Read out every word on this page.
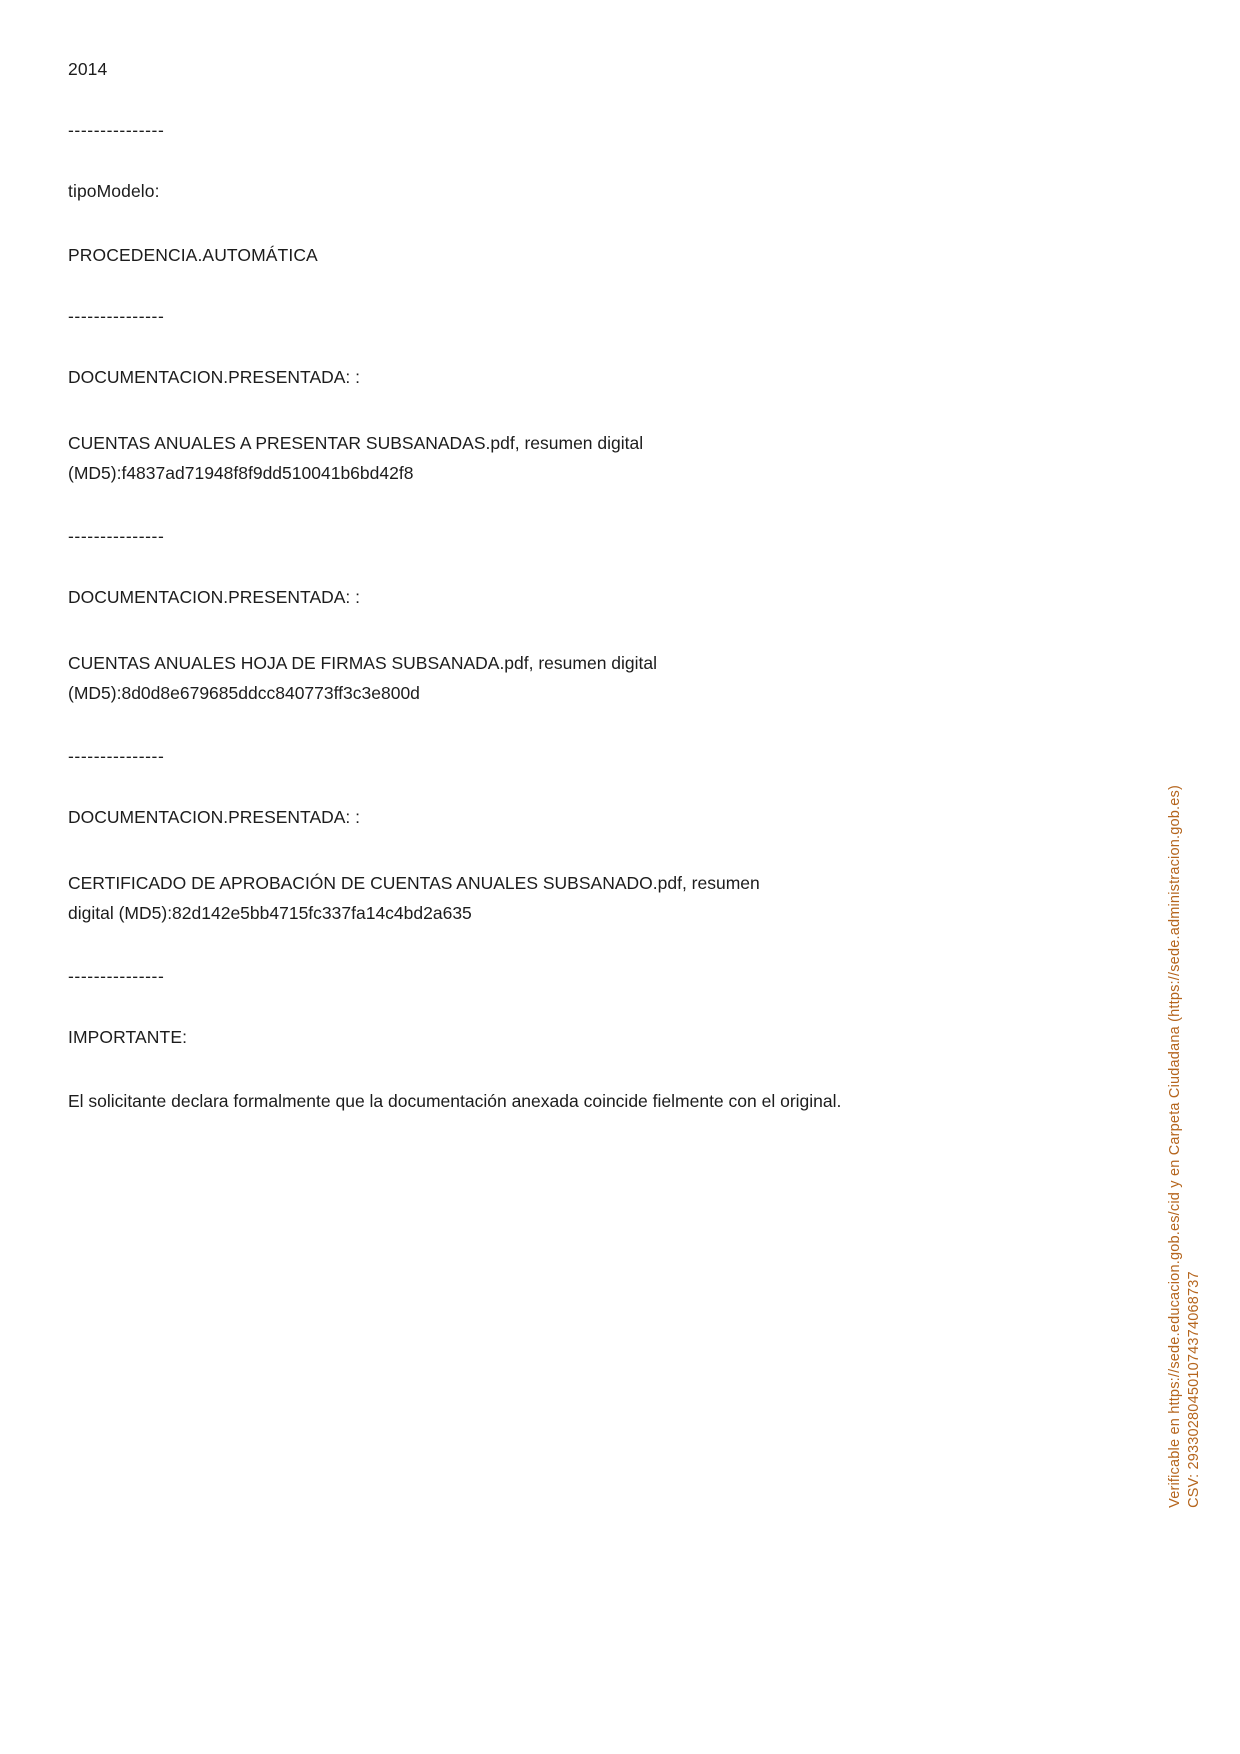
2014

---------------

tipoModelo:

PROCEDENCIA.AUTOMÁTICA

---------------

DOCUMENTACION.PRESENTADA: :

CUENTAS ANUALES A PRESENTAR SUBSANADAS.pdf, resumen digital (MD5):f4837ad71948f8f9dd510041b6bd42f8

---------------

DOCUMENTACION.PRESENTADA: :

CUENTAS ANUALES HOJA DE FIRMAS SUBSANADA.pdf, resumen digital (MD5):8d0d8e679685ddcc840773ff3c3e800d

---------------

DOCUMENTACION.PRESENTADA: :

CERTIFICADO DE APROBACIÓN DE CUENTAS ANUALES SUBSANADO.pdf, resumen digital (MD5):82d142e5bb4715fc337fa14c4bd2a635

---------------

IMPORTANTE:

El solicitante declara formalmente que la documentación anexada coincide fielmente con el original.	Verificable en https://sede.educacion.gob.es/cid y en Carpeta Ciudadana (https://sede.administracion.gob.es) CSV: 293302804501074374068737
